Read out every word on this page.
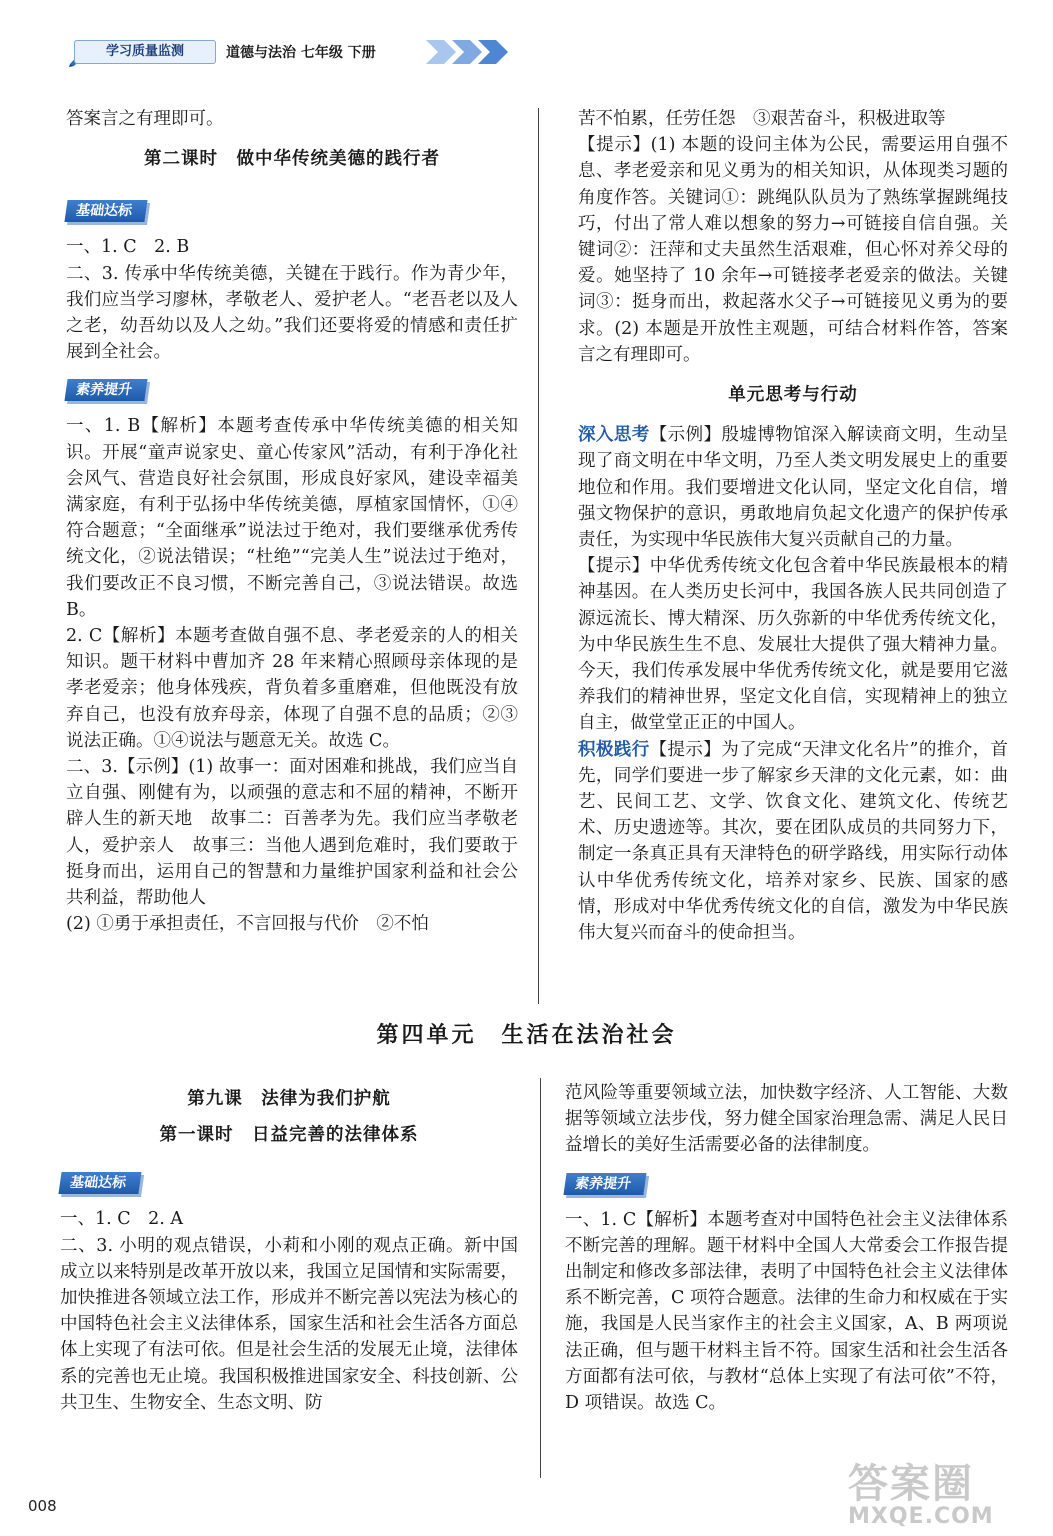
学习质量监测	道德与法治 七年级 下册

答案言之有理即可。

第二课时　做中华传统美德的践行者

基础达标

一、1. C　2. B

二、3. 传承中华传统美德，关键在于践行。作为青少年，我们应当学习廖林，孝敬老人、爱护老人。“老吾老以及人之老，幼吾幼以及人之幼。”我们还要将爱的情感和责任扩展到全社会。

素养提升

一、1. B【解析】本题考查传承中华传统美德的相关知识。开展“童声说家史、童心传家风”活动，有利于净化社会风气、营造良好社会氛围，形成良好家风，建设幸福美满家庭，有利于弘扬中华传统美德，厚植家国情怀，①④符合题意；“全面继承”说法过于绝对，我们要继承优秀传统文化，②说法错误；“杜绝”“完美人生”说法过于绝对，我们要改正不良习惯，不断完善自己，③说法错误。故选 B。

2. C【解析】本题考查做自强不息、孝老爱亲的人的相关知识。题干材料中曹加齐 28 年来精心照顾母亲体现的是孝老爱亲；他身体残疾，背负着多重磨难，但他既没有放弃自己，也没有放弃母亲，体现了自强不息的品质；②③说法正确。①④说法与题意无关。故选 C。

二、3.【示例】(1) 故事一：面对困难和挑战，我们应当自立自强、刚健有为，以顽强的意志和不屈的精神，不断开辟人生的新天地　故事二：百善孝为先。我们应当孝敬老人，爱护亲人　故事三：当他人遇到危难时，我们要敢于挺身而出，运用自己的智慧和力量维护国家利益和社会公共利益，帮助他人

(2) ①勇于承担责任，不言回报与代价　②不怕

苦不怕累，任劳任怨　③艰苦奋斗，积极进取等

【提示】(1) 本题的设问主体为公民，需要运用自强不息、孝老爱亲和见义勇为的相关知识，从体现类习题的角度作答。关键词①：跳绳队队员为了熟练掌握跳绳技巧，付出了常人难以想象的努力→可链接自信自强。关键词②：汪萍和丈夫虽然生活艰难，但心怀对养父母的爱。她坚持了 10 余年→可链接孝老爱亲的做法。关键词③：挺身而出，救起落水父子→可链接见义勇为的要求。(2) 本题是开放性主观题，可结合材料作答，答案言之有理即可。

单元思考与行动

深入思考【示例】殷墟博物馆深入解读商文明，生动呈现了商文明在中华文明，乃至人类文明发展史上的重要地位和作用。我们要增进文化认同，坚定文化自信，增强文物保护的意识，勇敢地肩负起文化遗产的保护传承责任，为实现中华民族伟大复兴贡献自己的力量。

【提示】中华优秀传统文化包含着中华民族最根本的精神基因。在人类历史长河中，我国各族人民共同创造了源远流长、博大精深、历久弥新的中华优秀传统文化，为中华民族生生不息、发展壮大提供了强大精神力量。今天，我们传承发展中华优秀传统文化，就是要用它滋养我们的精神世界，坚定文化自信，实现精神上的独立自主，做堂堂正正的中国人。

积极践行【提示】为了完成“天津文化名片”的推介，首先，同学们要进一步了解家乡天津的文化元素，如：曲艺、民间工艺、文学、饮食文化、建筑文化、传统艺术、历史遗迹等。其次，要在团队成员的共同努力下，制定一条真正具有天津特色的研学路线，用实际行动体认中华优秀传统文化，培养对家乡、民族、国家的感情，形成对中华优秀传统文化的自信，激发为中华民族伟大复兴而奋斗的使命担当。

第四单元　生活在法治社会

第九课　法律为我们护航

第一课时　日益完善的法律体系

基础达标

一、1. C　2. A

二、3. 小明的观点错误，小莉和小刚的观点正确。新中国成立以来特别是改革开放以来，我国立足国情和实际需要，加快推进各领域立法工作，形成并不断完善以宪法为核心的中国特色社会主义法律体系，国家生活和社会生活各方面总体上实现了有法可依。但是社会生活的发展无止境，法律体系的完善也无止境。我国积极推进国家安全、科技创新、公共卫生、生物安全、生态文明、防

范风险等重要领域立法，加快数字经济、人工智能、大数据等领域立法步伐，努力健全国家治理急需、满足人民日益增长的美好生活需要必备的法律制度。

素养提升

一、1. C【解析】本题考查对中国特色社会主义法律体系不断完善的理解。题干材料中全国人大常委会工作报告提出制定和修改多部法律，表明了中国特色社会主义法律体系不断完善，C 项符合题意。法律的生命力和权威在于实施，我国是人民当家作主的社会主义国家，A、B 两项说法正确，但与题干材料主旨不符。国家生活和社会生活各方面都有法可依，与教材“总体上实现了有法可依”不符，D 项错误。故选 C。

008	答案圈
MXQE.COM
